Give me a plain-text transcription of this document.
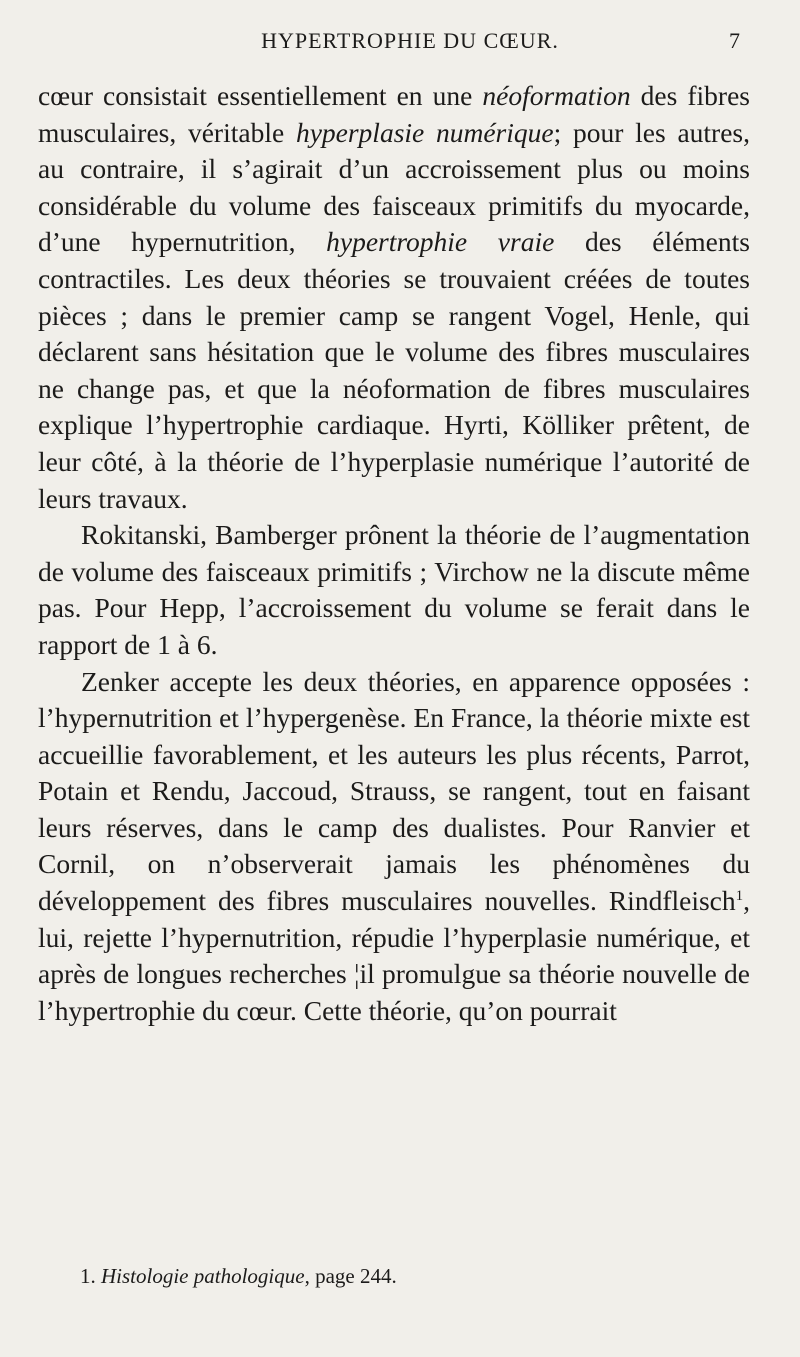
HYPERTROPHIE DU CŒUR.	7

cœur consistait essentiellement en une néoformation des fibres musculaires, véritable hyperplasie numérique; pour les autres, au contraire, il s’agirait d’un accroissement plus ou moins considérable du volume des faisceaux primitifs du myocarde, d’une hypernutrition, hypertrophie vraie des éléments contractiles. Les deux théories se trouvaient créées de toutes pièces ; dans le premier camp se rangent Vogel, Henle, qui déclarent sans hésitation que le volume des fibres musculaires ne change pas, et que la néoformation de fibres musculaires explique l’hypertrophie cardiaque. Hyrti, Kölliker prêtent, de leur côté, à la théorie de l’hyperplasie numérique l’autorité de leurs travaux.

Rokitanski, Bamberger prônent la théorie de l’augmentation de volume des faisceaux primitifs ; Virchow ne la discute même pas. Pour Hepp, l’accroissement du volume se ferait dans le rapport de 1 à 6.

Zenker accepte les deux théories, en apparence opposées : l’hypernutrition et l’hypergenèse. En France, la théorie mixte est accueillie favorablement, et les auteurs les plus récents, Parrot, Potain et Rendu, Jaccoud, Strauss, se rangent, tout en faisant leurs réserves, dans le camp des dualistes. Pour Ranvier et Cornil, on n’observerait jamais les phénomènes du développement des fibres musculaires nouvelles. Rindfleisch$^1$, lui, rejette l’hypernutrition, répudie l’hyperplasie numérique, et après de longues recherches ¦il promulgue sa théorie nouvelle de l’hypertrophie du cœur. Cette théorie, qu’on pourrait

1. Histologie pathologique, page 244.
